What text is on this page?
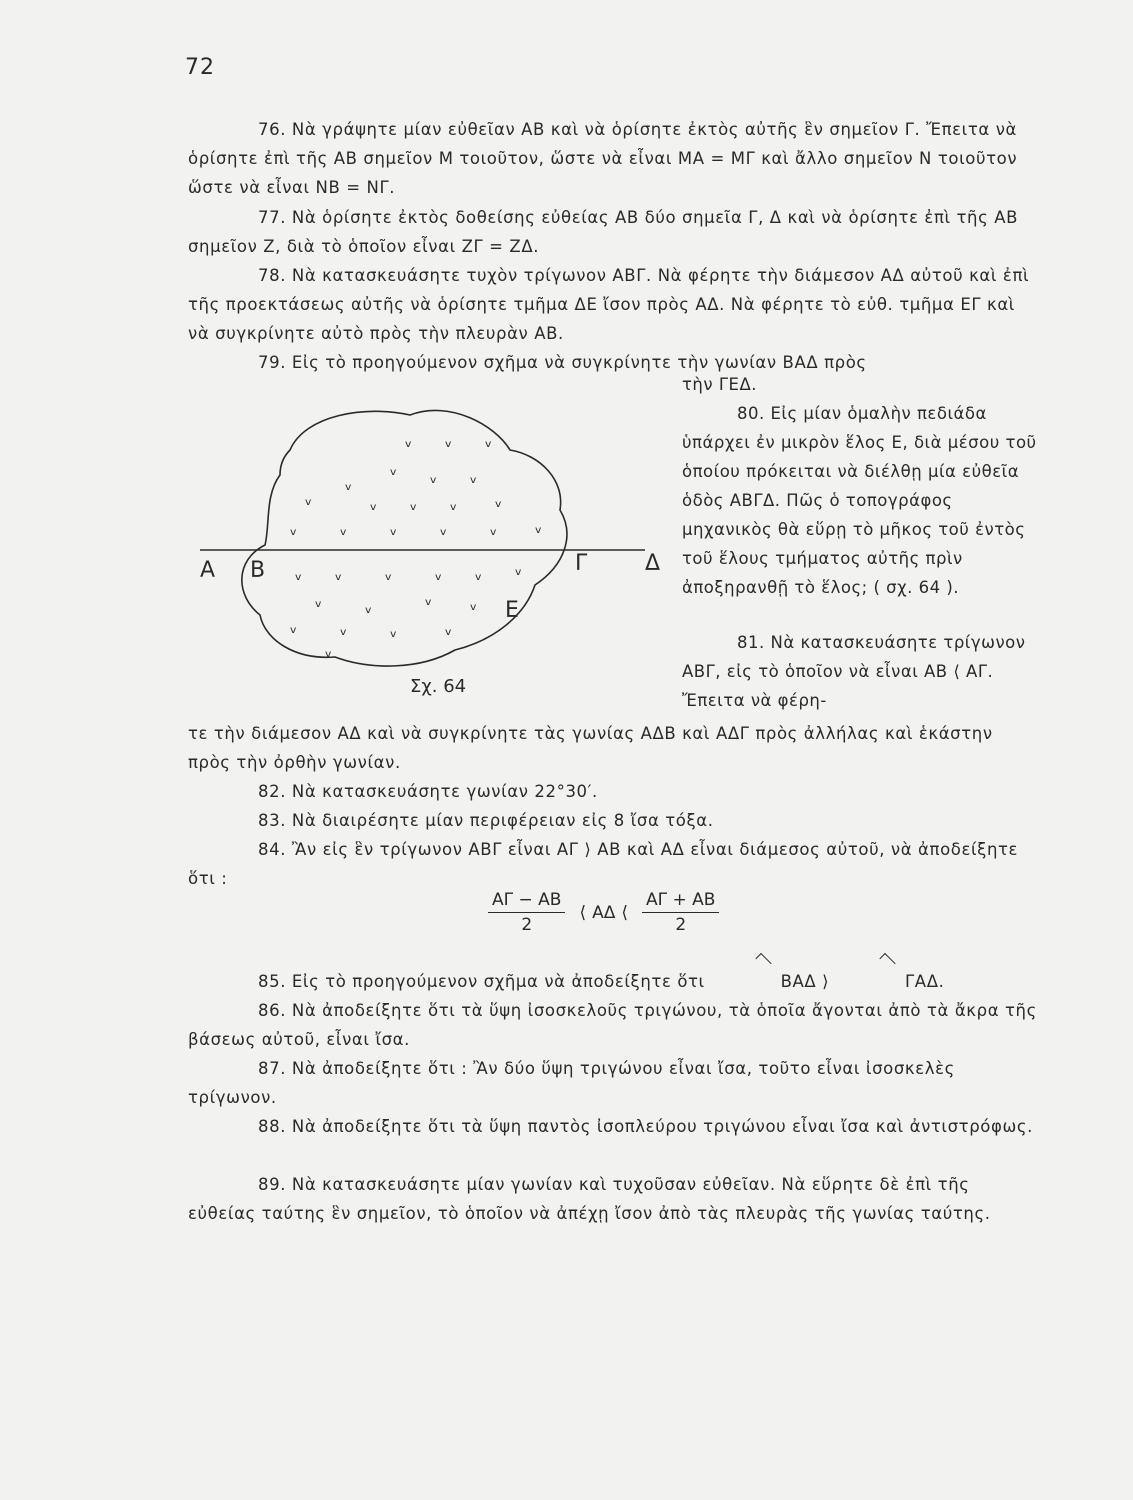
72
76. Νὰ γράψητε μίαν εὐθεῖαν ΑΒ καὶ νὰ ὁρίσητε ἐκτὸς αὐτῆς ἓν σημεῖον Γ. Ἔπειτα νὰ ὁρίσητε ἐπὶ τῆς ΑΒ σημεῖον Μ τοιοῦτον, ὥστε νὰ εἶναι ΜΑ = ΜΓ καὶ ἄλλο σημεῖον Ν τοιοῦτον ὥστε νὰ εἶναι ΝΒ = ΝΓ.
77. Νὰ ὁρίσητε ἐκτὸς δοθείσης εὐθείας ΑΒ δύο σημεῖα Γ, Δ καὶ νὰ ὁρίσητε ἐπὶ τῆς ΑΒ σημεῖον Ζ, διὰ τὸ ὁποῖον εἶναι ΖΓ = ΖΔ.
78. Νὰ κατασκευάσητε τυχὸν τρίγωνον ΑΒΓ. Νὰ φέρητε τὴν διάμεσον ΑΔ αὐτοῦ καὶ ἐπὶ τῆς προεκτάσεως αὐτῆς νὰ ὁρίσητε τμῆμα ΔΕ ἴσον πρὸς ΑΔ. Νὰ φέρητε τὸ εὐθ. τμῆμα ΕΓ καὶ νὰ συγκρίνητε αὐτὸ πρὸς τὴν πλευρὰν ΑΒ.
79. Εἰς τὸ προηγούμενον σχῆμα νὰ συγκρίνητε τὴν γωνίαν ΒΑΔ πρὸς
τὴν ΓΕΔ.
80. Εἰς μίαν ὁμαλὴν πεδιάδα ὑπάρχει ἐν μικρὸν ἕλος Ε, διὰ μέσου τοῦ ὁποίου πρόκειται νὰ διέλθῃ μία εὐθεῖα ὁδὸς ΑΒΓΔ. Πῶς ὁ τοπογράφος μηχανικὸς θὰ εὕρῃ τὸ μῆκος τοῦ ἐντὸς τοῦ ἕλους τμήματος αὐτῆς πρὶν ἀποξηρανθῇ τὸ ἕλος; ( σχ. 64 ).
81. Νὰ κατασκευάσητε τρίγωνον ΑΒΓ, εἰς τὸ ὁποῖον νὰ εἶναι ΑΒ ⟨ ΑΓ. Ἔπειτα νὰ φέρη-
ᵥ ᵥ ᵥ
ᵥ ᵥ ᵥ
ᵥ
ᵥ	ᵥ ᵥ ᵥ ᵥ
ᵥ	ᵥ	ᵥ	ᵥ	ᵥ ᵥ
ᵥ ᵥ	ᵥ	ᵥ ᵥ ᵥ
ᵥ	ᵥ	ᵥ ᵥ
ᵥ	ᵥ	ᵥ	ᵥ
ᵥ
Α Β	Γ	Δ
Ε
Σχ. 64
τε τὴν διάμεσον ΑΔ καὶ νὰ συγκρίνητε τὰς γωνίας ΑΔΒ καὶ ΑΔΓ πρὸς ἀλλήλας καὶ ἑκάστην πρὸς τὴν ὀρθὴν γωνίαν.
82. Νὰ κατασκευάσητε γωνίαν 22°30′.
83. Νὰ διαιρέσητε μίαν περιφέρειαν εἰς 8 ἴσα τόξα.
84. Ἂν εἰς ἓν τρίγωνον ΑΒΓ εἶναι ΑΓ ⟩ ΑΒ καὶ ΑΔ εἶναι διάμεσος αὐτοῦ, νὰ ἀποδείξητε ὅτι :
$\frac{A\Gamma - AB}{2}$ ⟨ ΑΔ ⟨ $\frac{A\Gamma + AB}{2}$
85. Εἰς τὸ προηγούμενον σχῆμα νὰ ἀποδείξητε ὅτι	ΒΑΔ ⟩	ΓΑΔ.
86. Νὰ ἀποδείξητε ὅτι τὰ ὕψη ἰσοσκελοῦς τριγώνου, τὰ ὁποῖα ἄγονται ἀπὸ τὰ ἄκρα τῆς βάσεως αὐτοῦ, εἶναι ἴσα.
87. Νὰ ἀποδείξητε ὅτι : Ἂν δύο ὕψη τριγώνου εἶναι ἴσα, τοῦτο εἶναι ἰσοσκελὲς τρίγωνον.
88. Νὰ ἀποδείξητε ὅτι τὰ ὕψη παντὸς ἰσοπλεύρου τριγώνου εἶναι ἴσα καὶ ἀντιστρόφως.
89. Νὰ κατασκευάσητε μίαν γωνίαν καὶ τυχοῦσαν εὐθεῖαν. Νὰ εὕρητε δὲ ἐπὶ τῆς εὐθείας ταύτης ἓν σημεῖον, τὸ ὁποῖον νὰ ἀπέχῃ ἴσον ἀπὸ τὰς πλευρὰς τῆς γωνίας ταύτης.
